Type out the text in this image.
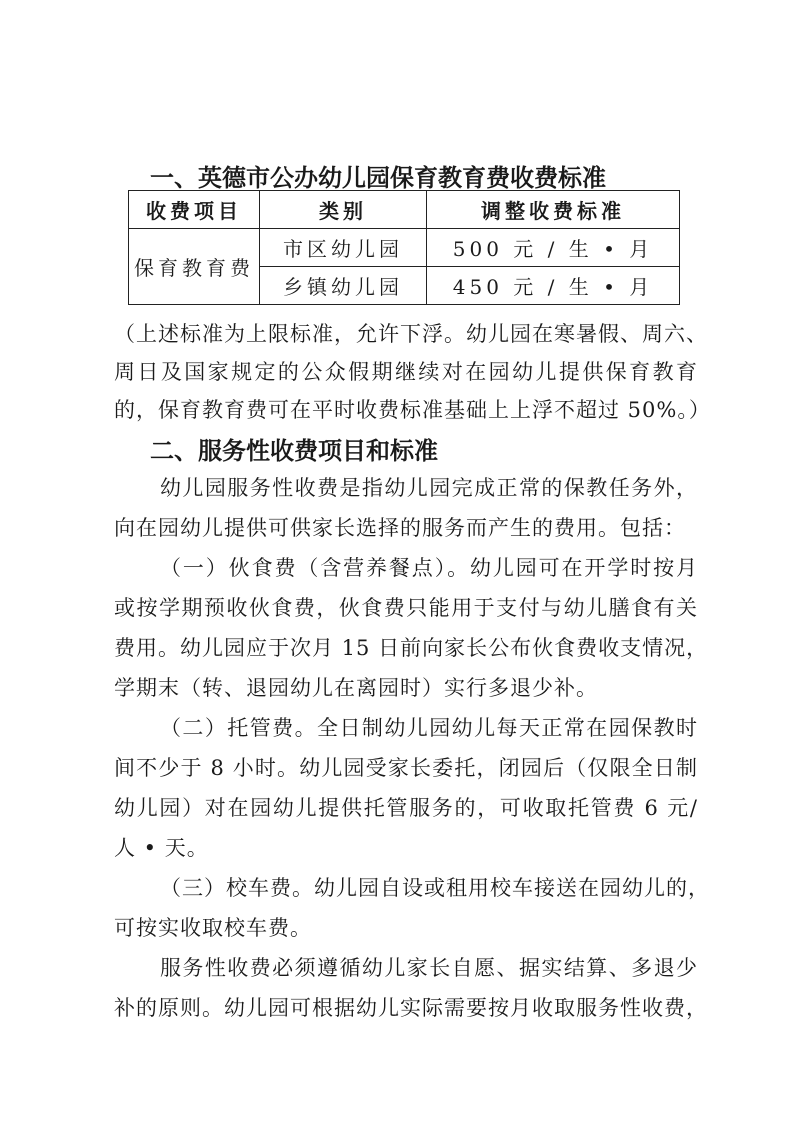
一、英德市公办幼儿园保育教育费收费标准
收费项目	类别	调整收费标准
保育教育费	市区幼儿园	500 元 / 生 • 月
	乡镇幼儿园	450 元 / 生 • 月
（上述标准为上限标准，允许下浮。幼儿园在寒暑假、周六、
周日及国家规定的公众假期继续对在园幼儿提供保育教育
的，保育教育费可在平时收费标准基础上上浮不超过 50%。）
二、服务性收费项目和标准
幼儿园服务性收费是指幼儿园完成正常的保教任务外，
向在园幼儿提供可供家长选择的服务而产生的费用。包括：
（一）伙食费（含营养餐点）。幼儿园可在开学时按月
或按学期预收伙食费，伙食费只能用于支付与幼儿膳食有关
费用。幼儿园应于次月 15 日前向家长公布伙食费收支情况，
学期末（转、退园幼儿在离园时）实行多退少补。
（二）托管费。全日制幼儿园幼儿每天正常在园保教时
间不少于 8 小时。幼儿园受家长委托，闭园后（仅限全日制
幼儿园）对在园幼儿提供托管服务的，可收取托管费 6 元/
人 • 天。
（三）校车费。幼儿园自设或租用校车接送在园幼儿的，
可按实收取校车费。
服务性收费必须遵循幼儿家长自愿、据实结算、多退少
补的原则。幼儿园可根据幼儿实际需要按月收取服务性收费，
